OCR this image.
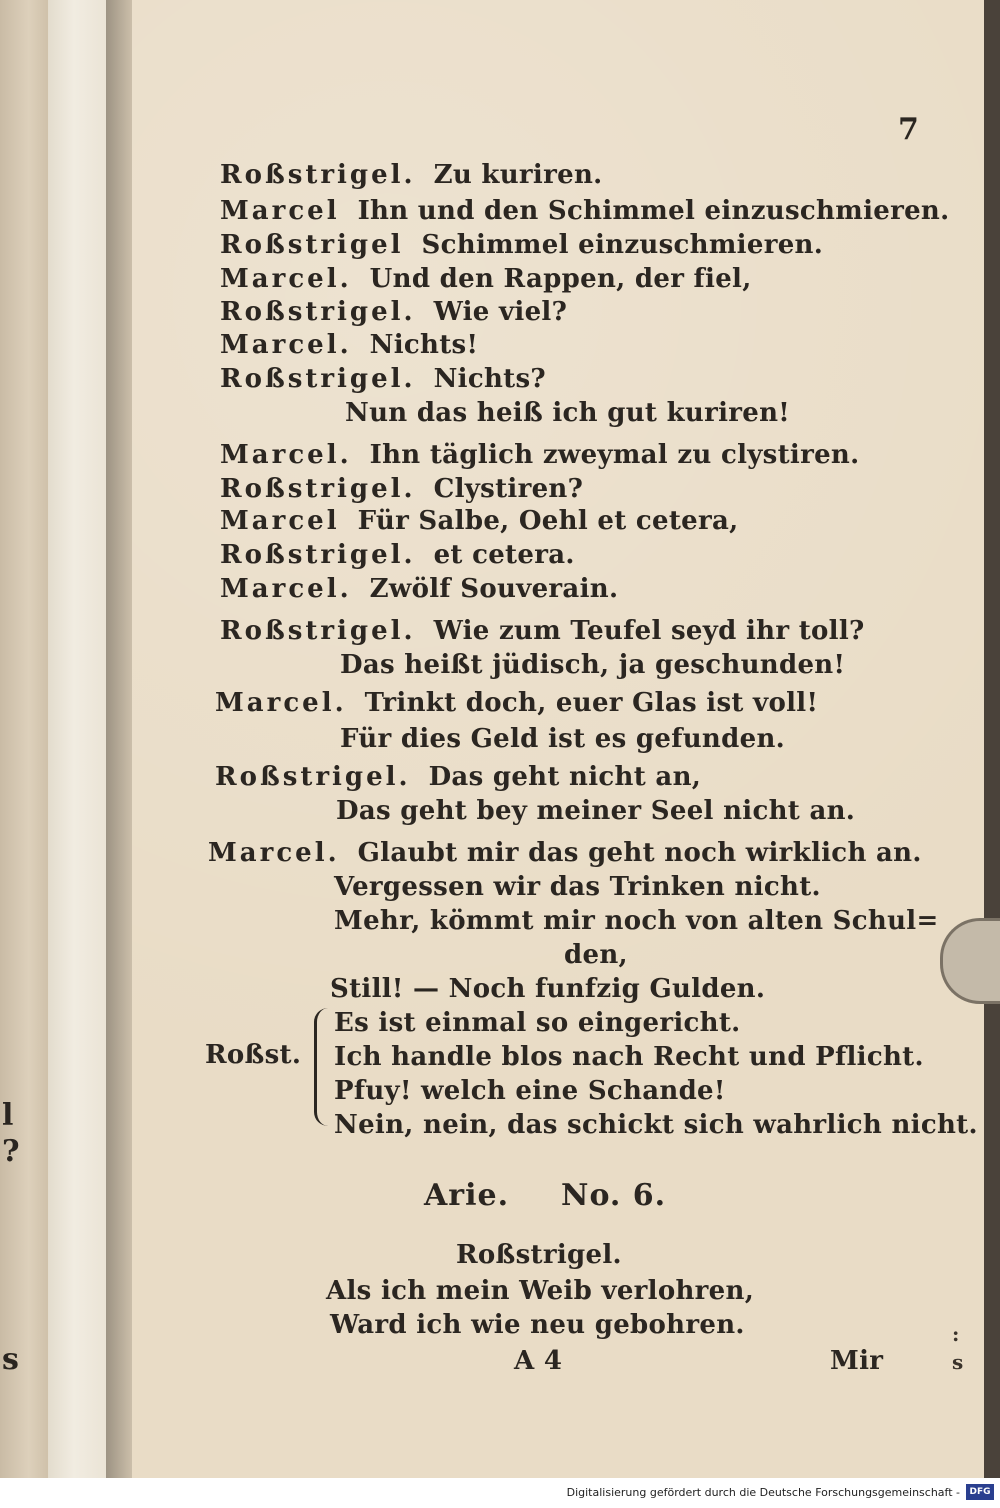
l
?
s
:
s
7
Roßstrigel. Zu kuriren.
Marcel Ihn und den Schimmel einzuschmieren.
Roßstrigel Schimmel einzuschmieren.
Marcel. Und den Rappen, der fiel,
Roßstrigel. Wie viel?
Marcel. Nichts!
Roßstrigel. Nichts?
Nun das heiß ich gut kuriren!
Marcel. Ihn täglich zweymal zu clystiren.
Roßstrigel. Clystiren?
Marcel Für Salbe, Oehl et cetera,
Roßstrigel. et cetera.
Marcel. Zwölf Souverain.
Roßstrigel. Wie zum Teufel seyd ihr toll?
Das heißt jüdisch, ja geschunden!
Marcel. Trinkt doch, euer Glas ist voll!
Für dies Geld ist es gefunden.
Roßstrigel. Das geht nicht an,
Das geht bey meiner Seel nicht an.
Marcel. Glaubt mir das geht noch wirklich an.
Vergessen wir das Trinken nicht.
Mehr, kömmt mir noch von alten Schul=
den,
Still! — Noch funfzig Gulden.
Roßst.
Es ist einmal so eingericht.
Ich handle blos nach Recht und Pflicht.
Pfuy! welch eine Schande!
Nein, nein, das schickt sich wahrlich nicht.
Arie. No. 6.
Roßstrigel.
Als ich mein Weib verlohren,
Ward ich wie neu gebohren.
A 4	Mir
Digitalisierung gefördert durch die Deutsche Forschungsgemeinschaft -	DFG
